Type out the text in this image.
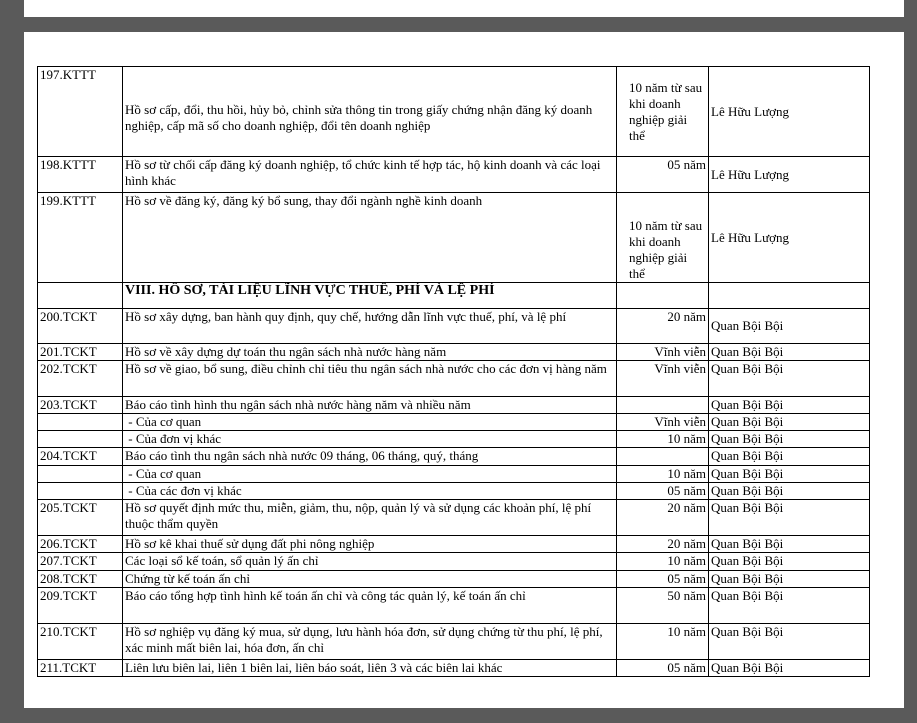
197.KTTT	Hồ sơ cấp, đổi, thu hồi, hủy bỏ, chỉnh sửa thông tin trong giấy chứng nhận đăng ký doanh nghiệp, cấp mã số cho doanh nghiệp, đổi tên doanh nghiệp	10 năm từ sau khi doanh nghiệp giải thể	Lê Hữu Lượng
198.KTTT	Hồ sơ từ chối cấp đăng ký doanh nghiệp, tổ chức kinh tế hợp tác, hộ kinh doanh và các loại hình khác	05 năm	Lê Hữu Lượng
199.KTTT	Hồ sơ về đăng ký, đăng ký bổ sung, thay đổi ngành nghề kinh doanh	10 năm từ sau khi doanh nghiệp giải thể	Lê Hữu Lượng
	VIII. HỒ SƠ, TÀI LIỆU LĨNH VỰC THUẾ, PHÍ VÀ LỆ PHÍ		
200.TCKT	Hồ sơ xây dựng, ban hành quy định, quy chế, hướng dẫn lĩnh vực thuế, phí, và lệ phí	20 năm	Quan Bội Bội
201.TCKT	Hồ sơ về xây dựng dự toán thu ngân sách nhà nước hàng năm	Vĩnh viễn	Quan Bội Bội
202.TCKT	Hồ sơ về giao, bổ sung, điều chỉnh chỉ tiêu thu ngân sách nhà nước cho các đơn vị hàng năm	Vĩnh viễn	Quan Bội Bội
203.TCKT	Báo cáo tình hình thu ngân sách nhà nước hàng năm và nhiều năm		Quan Bội Bội
	- Của cơ quan	Vĩnh viễn	Quan Bội Bội
	- Của đơn vị khác	10 năm	Quan Bội Bội
204.TCKT	Báo cáo tình thu ngân sách nhà nước 09 tháng, 06 tháng, quý, tháng		Quan Bội Bội
	- Của cơ quan	10 năm	Quan Bội Bội
	- Của các đơn vị khác	05 năm	Quan Bội Bội
205.TCKT	Hồ sơ quyết định mức thu, miễn, giảm, thu, nộp, quản lý và sử dụng các khoản phí, lệ phí thuộc thẩm quyền	20 năm	Quan Bội Bội
206.TCKT	Hồ sơ kê khai thuế sử dụng đất phi nông nghiệp	20 năm	Quan Bội Bội
207.TCKT	Các loại sổ kế toán, sổ quản lý ấn chỉ	10 năm	Quan Bội Bội
208.TCKT	Chứng từ kế toán ấn chỉ	05 năm	Quan Bội Bội
209.TCKT	Báo cáo tổng hợp tình hình kế toán ấn chỉ và công tác quản lý, kế toán ấn chỉ	50 năm	Quan Bội Bội
210.TCKT	Hồ sơ nghiệp vụ đăng ký mua, sử dụng, lưu hành hóa đơn, sử dụng chứng từ thu phí, lệ phí, xác minh mất biên lai, hóa đơn, ấn chỉ	10 năm	Quan Bội Bội
211.TCKT	Liên lưu biên lai, liên 1 biên lai, liên báo soát, liên 3 và các biên lai khác	05 năm	Quan Bội Bội
